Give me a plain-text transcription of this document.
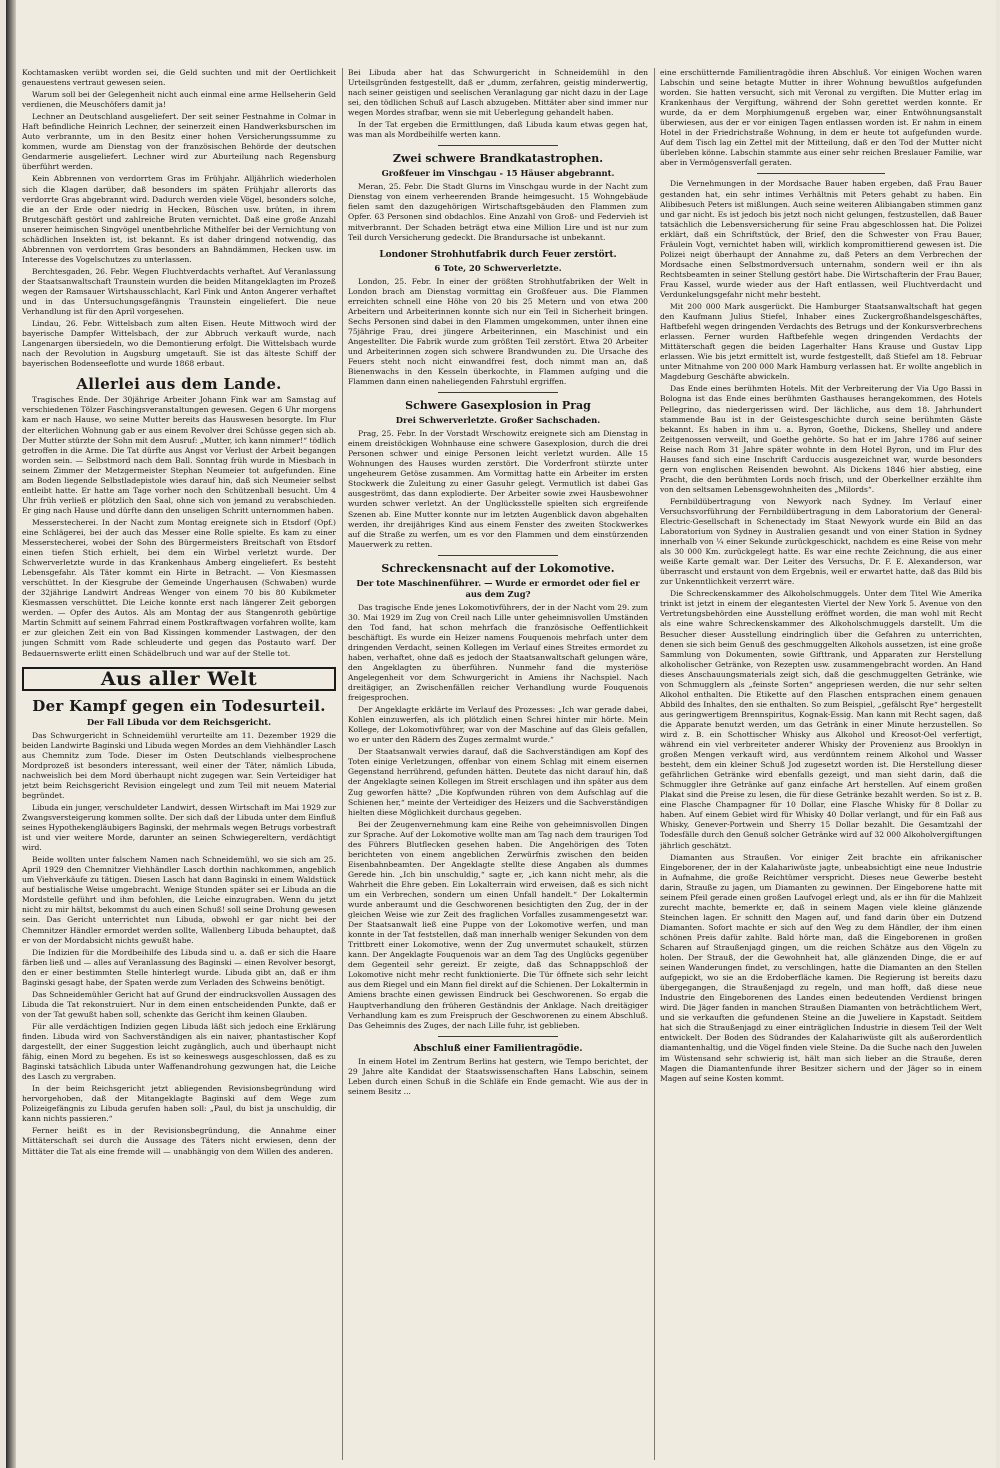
Kochtamasken verübt worden sei, die Geld suchten und mit der Oertlichkeit genauestens vertraut gewesen seien.

Warum soll bei der Gelegenheit nicht auch einmal eine arme Hellseherin Geld verdienen, die Meuschöfers damit ja!

Lechner an Deutschland ausgeliefert. Der seit seiner Festnahme in Colmar in Haft befindliche Heinrich Lechner, der seinerzeit einen Handwerksburschen im Auto verbrannte, um in den Besitz einer hohen Versicherungssumme zu kommen, wurde am Dienstag von der französischen Behörde der deutschen Gendarmerie ausgeliefert. Lechner wird zur Aburteilung nach Regensburg überführt werden.

Kein Abbrennen von verdorrtem Gras im Frühjahr. Alljährlich wiederholen sich die Klagen darüber, daß besonders im späten Frühjahr allerorts das verdorrte Gras abgebrannt wird. Dadurch werden viele Vögel, besonders solche, die an der Erde oder niedrig in Hecken, Büschen usw. brüten, in ihrem Brutgeschäft gestört und zahlreiche Bruten vernichtet. Daß eine große Anzahl unserer heimischen Singvögel unentbehrliche Mithelfer bei der Vernichtung von schädlichen Insekten ist, ist bekannt. Es ist daher dringend notwendig, das Abbrennen von verdorrtem Gras besonders an Bahndämmen, Hecken usw. im Interesse des Vogelschutzes zu unterlassen.

Berchtesgaden, 26. Febr. Wegen Fluchtverdachts verhaftet. Auf Veranlassung der Staatsanwaltschaft Traunstein wurden die beiden Mitangeklagten im Prozeß wegen der Ramsauer Wirtshausschlacht, Karl Fink und Anton Angerer verhaftet und in das Untersuchungsgefängnis Traunstein eingeliefert. Die neue Verhandlung ist für den April vorgesehen.

Lindau, 26. Febr. Wittelsbach zum alten Eisen. Heute Mittwoch wird der bayerische Dampfer Wittelsbach, der zur Abbruch verkauft wurde, nach Langenargen übersiedeln, wo die Demontierung erfolgt. Die Wittelsbach wurde nach der Revolution in Augsburg umgetauft. Sie ist das älteste Schiff der bayerischen Bodenseeflotte und wurde 1868 erbaut.

Allerlei aus dem Lande.

Tragisches Ende. Der 30jährige Arbeiter Johann Fink war am Samstag auf verschiedenen Tölzer Faschingsveranstaltungen gewesen. Gegen 6 Uhr morgens kam er nach Hause, wo seine Mutter bereits das Hauswesen besorgte. Im Flur der elterlichen Wohnung gab er aus einem Revolver drei Schüsse gegen sich ab. Der Mutter stürzte der Sohn mit dem Ausruf: „Mutter, ich kann nimmer!“ tödlich getroffen in die Arme. Die Tat dürfte aus Angst vor Verlust der Arbeit begangen worden sein. — Selbstmord nach dem Ball. Sonntag früh wurde in Miesbach in seinem Zimmer der Metzgermeister Stephan Neumeier tot aufgefunden. Eine am Boden liegende Selbstladepistole wies darauf hin, daß sich Neumeier selbst entleibt hatte. Er hatte am Tage vorher noch den Schützenball besucht. Um 4 Uhr früh verließ er plötzlich den Saal, ohne sich von jemand zu verabschieden. Er ging nach Hause und dürfte dann den unseligen Schritt unternommen haben.

Messerstecherei. In der Nacht zum Montag ereignete sich in Etsdorf (Opf.) eine Schlägerei, bei der auch das Messer eine Rolle spielte. Es kam zu einer Messerstecherei, wobei der Sohn des Bürgermeisters Breitschaft von Etsdorf einen tiefen Stich erhielt, bei dem ein Wirbel verletzt wurde. Der Schwerverletzte wurde in das Krankenhaus Amberg eingeliefert. Es besteht Lebensgefahr. Als Täter kommt ein Hirte in Betracht. — Von Kiesmassen verschüttet. In der Kiesgrube der Gemeinde Ungerhausen (Schwaben) wurde der 32jährige Landwirt Andreas Wenger von einem 70 bis 80 Kubikmeter Kiesmassen verschüttet. Die Leiche konnte erst nach längerer Zeit geborgen werden. — Opfer des Autos. Als am Montag der aus Stangenroth gebürtige Martin Schmitt auf seinem Fahrrad einem Postkraftwagen vorfahren wollte, kam er zur gleichen Zeit ein von Bad Kissingen kommender Lastwagen, der den jungen Schmitt vom Rade schleuderte und gegen das Postauto warf. Der Bedauernswerte erlitt einen Schädelbruch und war auf der Stelle tot.

Aus aller Welt
Der Kampf gegen ein Todesurteil.
Der Fall Libuda vor dem Reichsgericht.

Das Schwurgericht in Schneidemühl verurteilte am 11. Dezember 1929 die beiden Landwirte Baginski und Libuda wegen Mordes an dem Viehhändler Lasch aus Chemnitz zum Tode. Dieser im Osten Deutschlands vielbesprochene Mordprozeß ist besonders interessant, weil einer der Täter, nämlich Libuda, nachweislich bei dem Mord überhaupt nicht zugegen war. Sein Verteidiger hat jetzt beim Reichsgericht Revision eingelegt und zum Teil mit neuem Material begründet.

Libuda ein junger, verschuldeter Landwirt, dessen Wirtschaft im Mai 1929 zur Zwangsversteigerung kommen sollte. Der sich daß der Libuda unter dem Einfluß seines Hypothekengläubigers Baginski, der mehrmals wegen Betrugs vorbestraft ist und vier weitere Morde, darunter an seinen Schwiegereltern, verdächtigt wird.

Beide wollten unter falschem Namen nach Schneidemühl, wo sie sich am 25. April 1929 den Chemnitzer Viehhändler Lasch dorthin nachkommen, angeblich um Viehverkäufe zu tätigen. Diesen Lasch hat dann Baginski in einem Waldstück auf bestialische Weise umgebracht. Wenige Stunden später sei er Libuda an die Mordstelle geführt und ihm befohlen, die Leiche einzugraben. Wenn du jetzt nicht zu mir hältst, bekommst du auch einen Schuß! soll seine Drohung gewesen sein. Das Gericht unterrichtet nun Libuda, obwohl er gar nicht bei der Chemnitzer Händler ermordet werden sollte, Wallenberg Libuda behauptet, daß er von der Mordabsicht nichts gewußt habe.

Die Indizien für die Mordbeihilfe des Libuda sind u. a. daß er sich die Haare färben ließ und — alles auf Veranlassung des Baginski — einen Revolver besorgt, den er einer bestimmten Stelle hinterlegt wurde. Libuda gibt an, daß er ihm Baginski gesagt habe, der Spaten werde zum Verladen des Schweins benötigt.

Das Schneidemühler Gericht hat auf Grund der eindrucksvollen Aussagen des Libuda die Tat rekonstruiert. Nur in dem einen entscheidenden Punkte, daß er von der Tat gewußt haben soll, schenkte das Gericht ihm keinen Glauben.

Für alle verdächtigen Indizien gegen Libuda läßt sich jedoch eine Erklärung finden. Libuda wird von Sachverständigen als ein naiver, phantastischer Kopf dargestellt, der einer Suggestion leicht zugänglich, auch und überhaupt nicht fähig, einen Mord zu begehen. Es ist so keineswegs ausgeschlossen, daß es zu Baginski tatsächlich Libuda unter Waffenandrohung gezwungen hat, die Leiche des Lasch zu vergraben.

In der beim Reichsgericht jetzt abliegenden Revisionsbegründung wird hervorgehoben, daß der Mitangeklagte Baginski auf dem Wege zum Polizeigefängnis zu Libuda gerufen haben soll: „Paul, du bist ja unschuldig, dir kann nichts passieren.“

Ferner heißt es in der Revisionsbegründung, die Annahme einer Mittäterschaft sei durch die Aussage des Täters nicht erwiesen, denn der Mittäter die Tat als eine fremde will — unabhängig von dem Willen des anderen.

Bei Libuda aber hat das Schwurgericht in Schneidemühl in den Urteilsgründen festgestellt, daß er „dumm, zerfahren, geistig minderwertig, nach seiner geistigen und seelischen Veranlagung gar nicht dazu in der Lage sei, den tödlichen Schuß auf Lasch abzugeben. Mittäter aber sind immer nur wegen Mordes strafbar, wenn sie mit Ueberlegung gehandelt haben.

In der Tat ergeben die Ermittlungen, daß Libuda kaum etwas gegen hat, was man als Mordbeihilfe werten kann.

Zwei schwere Brandkatastrophen.
Großfeuer im Vinschgau - 15 Häuser abgebrannt.

Meran, 25. Febr. Die Stadt Glurns im Vinschgau wurde in der Nacht zum Dienstag von einem verheerenden Brande heimgesucht. 15 Wohngebäude fielen samt den dazugehörigen Wirtschaftsgebäuden den Flammen zum Opfer. 63 Personen sind obdachlos. Eine Anzahl von Groß- und Federvieh ist mitverbrannt. Der Schaden beträgt etwa eine Million Lire und ist nur zum Teil durch Versicherung gedeckt. Die Brandursache ist unbekannt.

Londoner Strohhutfabrik durch Feuer zerstört.
6 Tote, 20 Schwerverletzte.

London, 25. Febr. In einer der größten Strohhutfabriken der Welt in London brach am Dienstag vormittag ein Großfeuer aus. Die Flammen erreichten schnell eine Höhe von 20 bis 25 Metern und von etwa 200 Arbeitern und Arbeiterinnen konnte sich nur ein Teil in Sicherheit bringen. Sechs Personen sind dabei in den Flammen umgekommen, unter ihnen eine 75jährige Frau, drei jüngere Arbeiterinnen, ein Maschinist und ein Angestellter. Die Fabrik wurde zum größten Teil zerstört. Etwa 20 Arbeiter und Arbeiterinnen zogen sich schwere Brandwunden zu. Die Ursache des Feuers steht noch nicht einwandfrei fest, doch nimmt man an, daß Bienenwachs in den Kesseln überkochte, in Flammen aufging und die Flammen dann einen naheliegenden Fahrstuhl ergriffen.

Schwere Gasexplosion in Prag
Drei Schwerverletzte. Großer Sachschaden.

Prag, 25. Febr. In der Vorstadt Wrschowitz ereignete sich am Dienstag in einem dreistöckigen Wohnhause eine schwere Gasexplosion, durch die drei Personen schwer und einige Personen leicht verletzt wurden. Alle 15 Wohnungen des Hauses wurden zerstört. Die Vorderfront stürzte unter ungeheurem Getöse zusammen. Am Vormittag hatte ein Arbeiter im ersten Stockwerk die Zuleitung zu einer Gasuhr gelegt. Vermutlich ist dabei Gas ausgeströmt, das dann explodierte. Der Arbeiter sowie zwei Hausbewohner wurden schwer verletzt. An der Unglücksstelle spielten sich ergreifende Szenen ab. Eine Mutter konnte nur im letzten Augenblick davon abgehalten werden, ihr dreijähriges Kind aus einem Fenster des zweiten Stockwerkes auf die Straße zu werfen, um es vor den Flammen und dem einstürzenden Mauerwerk zu retten.

Schreckensnacht auf der Lokomotive.
Der tote Maschinenführer. — Wurde er ermordet oder fiel er aus dem Zug?

Das tragische Ende jenes Lokomotivführers, der in der Nacht vom 29. zum 30. Mai 1929 im Zug von Creil nach Lille unter geheimnisvollen Umständen den Tod fand, hat schon mehrfach die französische Oeffentlichkeit beschäftigt. Es wurde ein Heizer namens Fouquenois mehrfach unter dem dringenden Verdacht, seinen Kollegen im Verlauf eines Streites ermordet zu haben, verhaftet, ohne daß es jedoch der Staatsanwaltschaft gelungen wäre, den Angeklagten zu überführen. Nunmehr fand die mysteriöse Angelegenheit vor dem Schwurgericht in Amiens ihr Nachspiel. Nach dreitägiger, an Zwischenfällen reicher Verhandlung wurde Fouquenois freigesprochen.

Der Angeklagte erklärte im Verlauf des Prozesses: „Ich war gerade dabei, Kohlen einzuwerfen, als ich plötzlich einen Schrei hinter mir hörte. Mein Kollege, der Lokomotivführer, war von der Maschine auf das Gleis gefallen, wo er unter den Rädern des Zuges zermalmt wurde.“

Der Staatsanwalt verwies darauf, daß die Sachverständigen am Kopf des Toten einige Verletzungen, offenbar von einem Schlag mit einem eisernen Gegenstand herrührend, gefunden hätten. Deutete das nicht darauf hin, daß der Angeklagte seinen Kollegen im Streit erschlagen und ihn später aus dem Zug geworfen hätte? „Die Kopfwunden rühren von dem Aufschlag auf die Schienen her,“ meinte der Verteidiger des Heizers und die Sachverständigen hielten diese Möglichkeit durchaus gegeben.

Bei der Zeugenvernehmung kam eine Reihe von geheimnisvollen Dingen zur Sprache. Auf der Lokomotive wollte man am Tag nach dem traurigen Tod des Führers Blutflecken gesehen haben. Die Angehörigen des Toten berichteten von einem angeblichen Zerwürfnis zwischen den beiden Eisenbahnbeamten. Der Angeklagte stellte diese Angaben als dummes Gerede hin. „Ich bin unschuldig,“ sagte er, „ich kann nicht mehr, als die Wahrheit die Ehre geben. Ein Lokalterrain wird erweisen, daß es sich nicht um ein Verbrechen, sondern um einen Unfall handelt.“ Der Lokaltermin wurde anberaumt und die Geschworenen besichtigten den Zug, der in der gleichen Weise wie zur Zeit des fraglichen Vorfalles zusammengesetzt war. Der Staatsanwalt ließ eine Puppe von der Lokomotive werfen, und man konnte in der Tat feststellen, daß man innerhalb weniger Sekunden von dem Trittbrett einer Lokomotive, wenn der Zug unvermutet schaukelt, stürzen kann. Der Angeklagte Fouquenois war an dem Tag des Unglücks gegenüber dem Gegenteil sehr gereizt. Er zeigte, daß das Schnappschloß der Lokomotive nicht mehr recht funktionierte. Die Tür öffnete sich sehr leicht aus dem Riegel und ein Mann fiel direkt auf die Schienen. Der Lokaltermin in Amiens brachte einen gewissen Eindruck bei Geschworenen. So ergab die Hauptverhandlung den früheren Geständnis der Anklage. Nach dreitägiger Verhandlung kam es zum Freispruch der Geschworenen zu einem Abschluß. Das Geheimnis des Zuges, der nach Lille fuhr, ist geblieben.

Abschluß einer Familientragödie.

In einem Hotel im Zentrum Berlins hat gestern, wie Tempo berichtet, der 29 Jahre alte Kandidat der Staatswissenschaften Hans Labschin, seinem Leben durch einen Schuß in die Schläfe ein Ende gemacht. Wie aus der in seinem Besitz ...

eine erschütternde Familientragödie ihren Abschluß. Vor einigen Wochen waren Labschin und seine betagte Mutter in ihrer Wohnung bewußtlos aufgefunden worden. Sie hatten versucht, sich mit Veronal zu vergiften. Die Mutter erlag im Krankenhaus der Vergiftung, während der Sohn gerettet werden konnte. Er wurde, da er dem Morphiumgenuß ergeben war, einer Entwöhnungsanstalt überwiesen, aus der er vor einigen Tagen entlassen worden ist. Er nahm in einem Hotel in der Friedrichstraße Wohnung, in dem er heute tot aufgefunden wurde. Auf dem Tisch lag ein Zettel mit der Mitteilung, daß er den Tod der Mutter nicht überleben könne. Labschin stammte aus einer sehr reichen Breslauer Familie, war aber in Vermögensverfall geraten.

Die Vernehmungen in der Mordsache Bauer haben ergeben, daß Frau Bauer gestanden hat, ein sehr intimes Verhältnis mit Peters gehabt zu haben. Ein Alibibesuch Peters ist mißlungen. Auch seine weiteren Alibiangaben stimmen ganz und gar nicht. Es ist jedoch bis jetzt noch nicht gelungen, festzustellen, daß Bauer tatsächlich die Lebensversicherung für seine Frau abgeschlossen hat. Die Polizei erklärt, daß ein Schriftstück, der Brief, den die Schwester von Frau Bauer, Fräulein Vogt, vernichtet haben will, wirklich kompromittierend gewesen ist. Die Polizei neigt überhaupt der Annahme zu, daß Peters an dem Verbrechen der Mordsache einen Selbstmordversuch unternahm, sondern weil er ihn als Rechtsbeamten in seiner Stellung gestört habe. Die Wirtschafterin der Frau Bauer, Frau Kassel, wurde wieder aus der Haft entlassen, weil Fluchtverdacht und Verdunkelungsgefahr nicht mehr besteht.

Mit 200 000 Mark ausgerückt. Die Hamburger Staatsanwaltschaft hat gegen den Kaufmann Julius Stiefel, Inhaber eines Zuckergroßhandelsgeschäftes, Haftbefehl wegen dringenden Verdachts des Betrugs und der Konkursverbrechens erlassen. Ferner wurden Haftbefehle wegen dringenden Verdachts der Mittäterschaft gegen die beiden Lagerhalter Hans Krause und Gustav Lipp erlassen. Wie bis jetzt ermittelt ist, wurde festgestellt, daß Stiefel am 18. Februar unter Mitnahme von 200 000 Mark Hamburg verlassen hat. Er wollte angeblich in Magdeburg Geschäfte abwickeln.

Das Ende eines berühmten Hotels. Mit der Verbreiterung der Via Ugo Bassi in Bologna ist das Ende eines berühmten Gasthauses herangekommen, des Hotels Pellegrino, das niedergerissen wird. Der lächliche, aus dem 18. Jahrhundert stammende Bau ist in der Geistesgeschichte durch seine berühmten Gäste bekannt. Es haben in ihm u. a. Byron, Goethe, Dickens, Shelley und andere Zeitgenossen verweilt, und Goethe gehörte. So hat er im Jahre 1786 auf seiner Reise nach Rom 31 Jahre später wohnte in dem Hotel Byron, und im Flur des Hauses fand sich eine Inschrift Carduccis ausgezeichnet war, wurde besonders gern von englischen Reisenden bewohnt. Als Dickens 1846 hier abstieg, eine Pracht, die den berühmten Lords noch frisch, und der Oberkellner erzählte ihm von den seltsamen Lebensgewohnheiten des „Milords“.

Fernbildübertragung von Newyork nach Sydney. Im Verlauf einer Versuchsvorführung der Fernbildübertragung in dem Laboratorium der General-Electric-Gesellschaft in Schenectady im Staat Newyork wurde ein Bild an das Laboratorium von Sydney in Australien gesandt und von einer Station in Sydney innerhalb von ¼ einer Sekunde zurückgeschickt, nachdem es eine Reise von mehr als 30 000 Km. zurückgelegt hatte. Es war eine rechte Zeichnung, die aus einer weiße Karte gemalt war. Der Leiter des Versuchs, Dr. F. E. Alexanderson, war überrascht und erstaunt von dem Ergebnis, weil er erwartet hatte, daß das Bild bis zur Unkenntlichkeit verzerrt wäre.

Die Schreckenskammer des Alkoholschmuggels. Unter dem Titel Wie Amerika trinkt ist jetzt in einem der elegantesten Viertel der New York 5. Avenue von den Vertretungsbehörden eine Ausstellung eröffnet worden, die man wohl mit Recht als eine wahre Schreckenskammer des Alkoholschmuggels darstellt. Um die Besucher dieser Ausstellung eindringlich über die Gefahren zu unterrichten, denen sie sich beim Genuß des geschmuggelten Alkohols aussetzen, ist eine große Sammlung von Dokumenten, sowie Gifttrank, und Apparaten zur Herstellung alkoholischer Getränke, von Rezepten usw. zusammengebracht worden. An Hand dieses Anschauungsmaterials zeigt sich, daß die geschmuggelten Getränke, wie von Schmugglern als „feinste Sorten“ angepriesen werden, die nur sehr selten Alkohol enthalten. Die Etikette auf den Flaschen entsprachen einem genauen Abbild des Inhaltes, den sie enthalten. So zum Beispiel, „gefälscht Rye“ hergestellt aus geringwertigem Brennspiritus, Kognak-Essig. Man kann mit Recht sagen, daß die Apparate benutzt werden, um das Getränk in einer Minute herzustellen. So wird z. B. ein Schottischer Whisky aus Alkohol und Kreosot-Oel verfertigt, während ein viel verbreiteter anderer Whisky der Provenienz aus Brooklyn in großen Mengen verkauft wird, aus verdünntem reinem Alkohol und Wasser besteht, dem ein kleiner Schuß Jod zugesetzt worden ist. Die Herstellung dieser gefährlichen Getränke wird ebenfalls gezeigt, und man sieht darin, daß die Schmuggler ihre Getränke auf ganz einfache Art herstellen. Auf einem großen Plakat sind die Preise zu lesen, die für diese Getränke bezahlt werden. So ist z. B. eine Flasche Champagner für 10 Dollar, eine Flasche Whisky für 8 Dollar zu haben. Auf einem Gebiet wird für Whisky 40 Dollar verlangt, und für ein Faß aus Whisky, Genever-Portwein und Sherry 15 Dollar bezahlt. Die Gesamtzahl der Todesfälle durch den Genuß solcher Getränke wird auf 32 000 Alkoholvergiftungen jährlich geschätzt.

Diamanten aus Straußen. Vor einiger Zeit brachte ein afrikanischer Eingeborener, der in der Kalahariwüste jagte, unbeabsichtigt eine neue Industrie in Aufnahme, die große Reichtümer verspricht. Dieses neue Gewerbe besteht darin, Strauße zu jagen, um Diamanten zu gewinnen. Der Eingeborene hatte mit seinem Pfeil gerade einen großen Laufvogel erlegt und, als er ihn für die Mahlzeit zurecht machte, bemerkte er, daß in seinem Magen viele kleine glänzende Steinchen lagen. Er schnitt den Magen auf, und fand darin über ein Dutzend Diamanten. Sofort machte er sich auf den Weg zu dem Händler, der ihm einen schönen Preis dafür zahlte. Bald hörte man, daß die Eingeborenen in großen Scharen auf Straußenjagd gingen, um die reichen Schätze aus den Vögeln zu holen. Der Strauß, der die Gewohnheit hat, alle glänzenden Dinge, die er auf seinen Wanderungen findet, zu verschlingen, hatte die Diamanten an den Stellen aufgepickt, wo sie an die Erdoberfläche kamen. Die Regierung ist bereits dazu übergegangen, die Straußenjagd zu regeln, und man hofft, daß diese neue Industrie den Eingeborenen des Landes einen bedeutenden Verdienst bringen wird. Die Jäger fanden in manchen Straußen Diamanten von beträchtlichem Wert, und sie verkauften die gefundenen Steine an die Juweliere in Kapstadt. Seitdem hat sich die Straußenjagd zu einer einträglichen Industrie in diesem Teil der Welt entwickelt. Der Boden des Südrandes der Kalahariwüste gilt als außerordentlich diamantenhaltig, und die Vögel finden viele Steine. Da die Suche nach den Juwelen im Wüstensand sehr schwierig ist, hält man sich lieber an die Strauße, deren Magen die Diamantenfunde ihrer Besitzer sichern und der Jäger so in einem Magen auf seine Kosten kommt.
